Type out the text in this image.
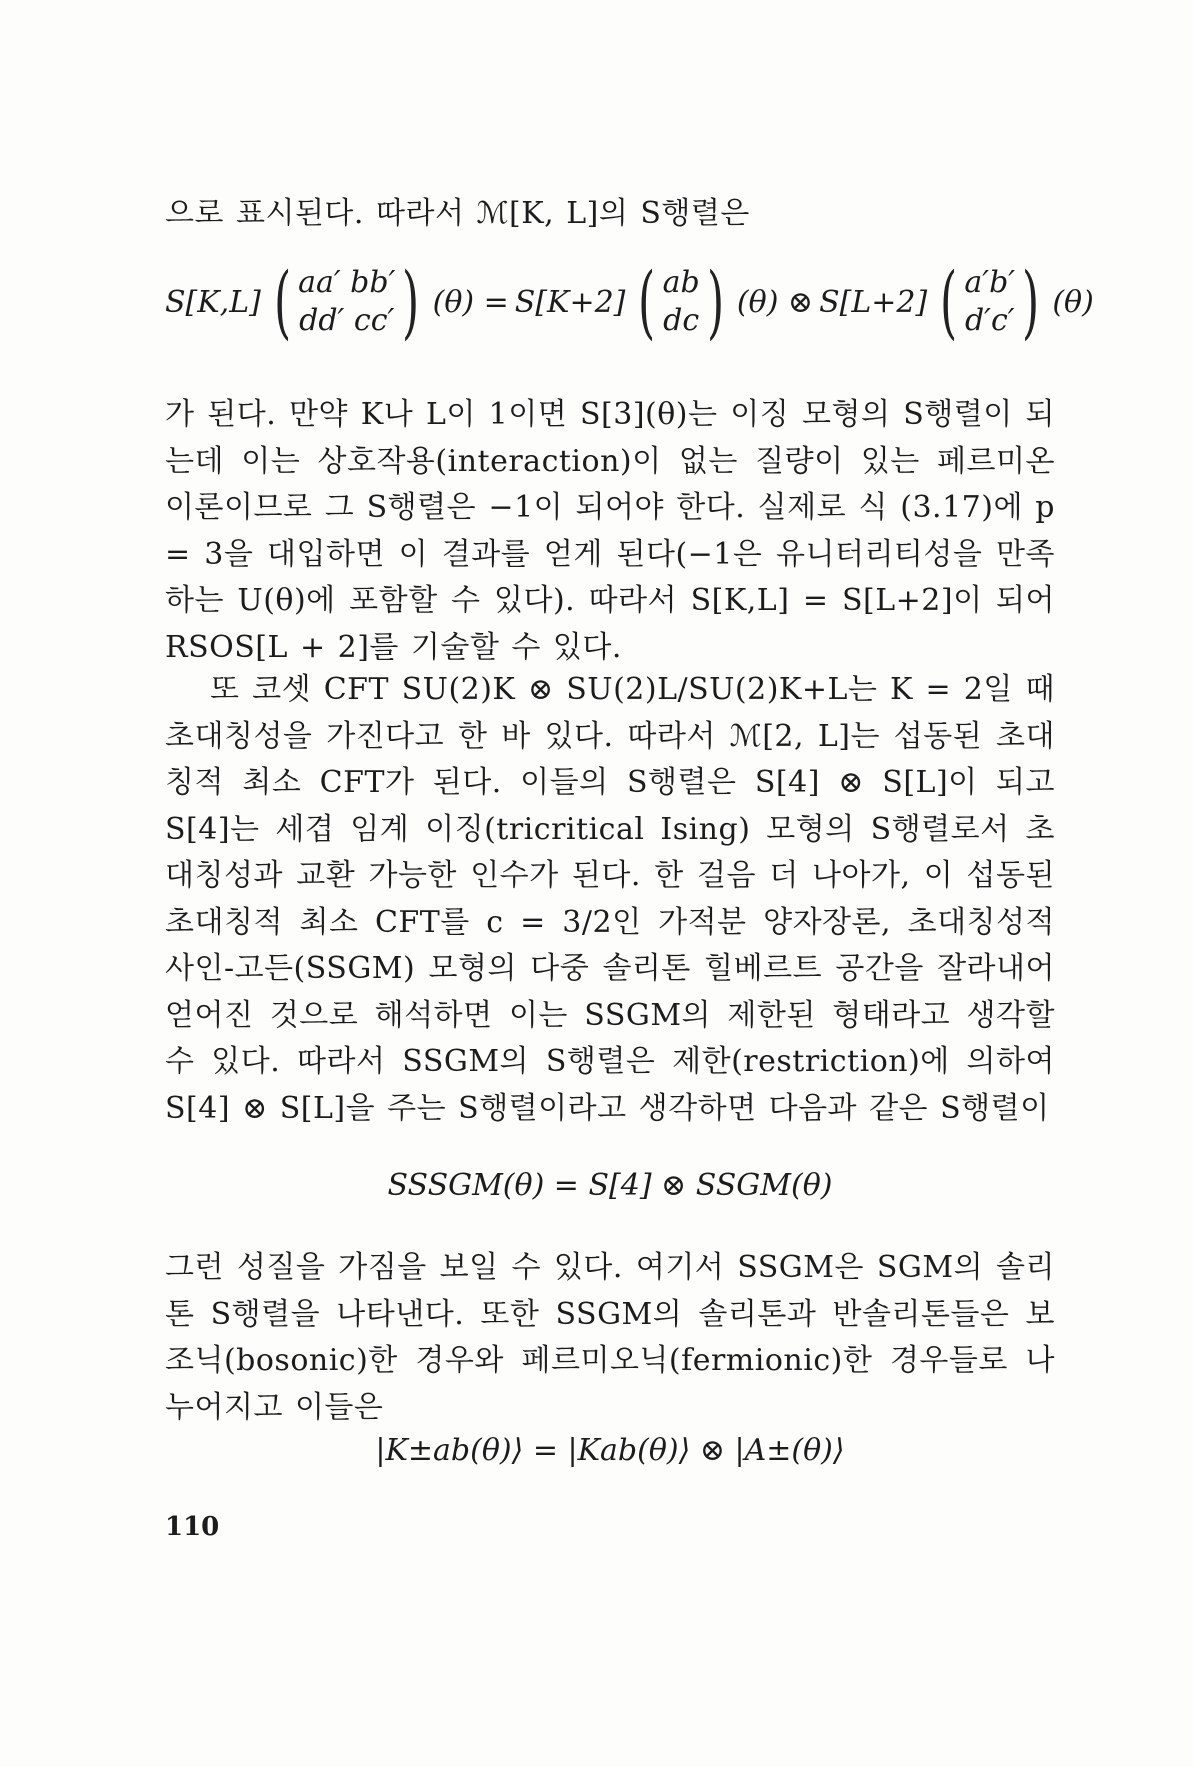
으로 표시된다. 따라서 ℳ[K, L]의 S행렬은

S[K,L] ( aa′ bb′
dd′ cc′ ) (θ) = S[K+2] ( ab
dc ) (θ) ⊗ S[L+2] ( a′b′
d′c′ ) (θ)

가 된다. 만약 K나 L이 1이면 S[3](θ)는 이징 모형의 S행렬이 되는데 이는 상호작용(interaction)이 없는 질량이 있는 페르미온 이론이므로 그 S행렬은 −1이 되어야 한다. 실제로 식 (3.17)에 p = 3을 대입하면 이 결과를 얻게 된다(−1은 유니터리티성을 만족하는 U(θ)에 포함할 수 있다). 따라서 S[K,L] = S[L+2]이 되어 RSOS[L + 2]를 기술할 수 있다.

또 코셋 CFT SU(2)K ⊗ SU(2)L/SU(2)K+L는 K = 2일 때 초대칭성을 가진다고 한 바 있다. 따라서 ℳ[2, L]는 섭동된 초대칭적 최소 CFT가 된다. 이들의 S행렬은 S[4] ⊗ S[L]이 되고 S[4]는 세겹 임계 이징(tricritical Ising) 모형의 S행렬로서 초대칭성과 교환 가능한 인수가 된다. 한 걸음 더 나아가, 이 섭동된 초대칭적 최소 CFT를 c = 3/2인 가적분 양자장론, 초대칭성적 사인-고든(SSGM) 모형의 다중 솔리톤 힐베르트 공간을 잘라내어 얻어진 것으로 해석하면 이는 SSGM의 제한된 형태라고 생각할 수 있다. 따라서 SSGM의 S행렬은 제한(restriction)에 의하여 S[4] ⊗ S[L]을 주는 S행렬이라고 생각하면 다음과 같은 S행렬이

SSSGM(θ) = S[4] ⊗ SSGM(θ)

그런 성질을 가짐을 보일 수 있다. 여기서 SSGM은 SGM의 솔리톤 S행렬을 나타낸다. 또한 SSGM의 솔리톤과 반솔리톤들은 보조닉(bosonic)한 경우와 페르미오닉(fermionic)한 경우들로 나누어지고 이들은

|K±ab(θ)⟩ = |Kab(θ)⟩ ⊗ |A±(θ)⟩
110
